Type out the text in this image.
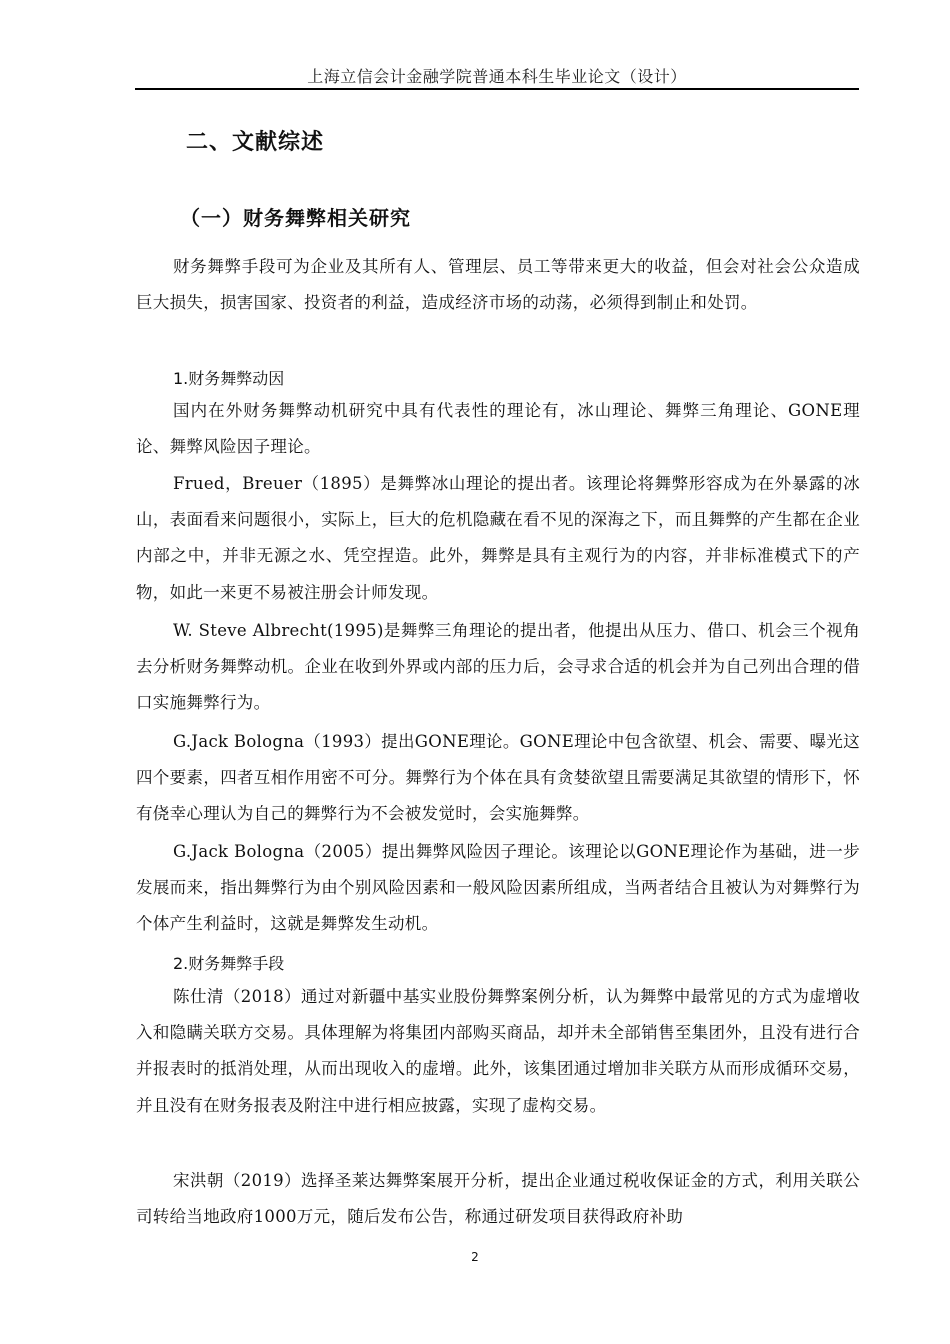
上海立信会计金融学院普通本科生毕业论文（设计）
二、文献综述
（一）财务舞弊相关研究
财务舞弊手段可为企业及其所有人、管理层、员工等带来更大的收益，但会对社会公众造成巨大损失，损害国家、投资者的利益，造成经济市场的动荡，必须得到制止和处罚。
1.财务舞弊动因
国内在外财务舞弊动机研究中具有代表性的理论有，冰山理论、舞弊三角理论、GONE理论、舞弊风险因子理论。
Frued，Breuer（1895）是舞弊冰山理论的提出者。该理论将舞弊形容成为在外暴露的冰山，表面看来问题很小，实际上，巨大的危机隐藏在看不见的深海之下，而且舞弊的产生都在企业内部之中，并非无源之水、凭空捏造。此外，舞弊是具有主观行为的内容，并非标准模式下的产物，如此一来更不易被注册会计师发现。
W. Steve Albrecht(1995)是舞弊三角理论的提出者，他提出从压力、借口、机会三个视角去分析财务舞弊动机。企业在收到外界或内部的压力后，会寻求合适的机会并为自己列出合理的借口实施舞弊行为。
G.Jack Bologna（1993）提出GONE理论。GONE理论中包含欲望、机会、需要、曝光这四个要素，四者互相作用密不可分。舞弊行为个体在具有贪婪欲望且需要满足其欲望的情形下，怀有侥幸心理认为自己的舞弊行为不会被发觉时，会实施舞弊。
G.Jack Bologna（2005）提出舞弊风险因子理论。该理论以GONE理论作为基础，进一步发展而来，指出舞弊行为由个别风险因素和一般风险因素所组成，当两者结合且被认为对舞弊行为个体产生利益时，这就是舞弊发生动机。
2.财务舞弊手段
陈仕清（2018）通过对新疆中基实业股份舞弊案例分析，认为舞弊中最常见的方式为虚增收入和隐瞒关联方交易。具体理解为将集团内部购买商品，却并未全部销售至集团外，且没有进行合并报表时的抵消处理，从而出现收入的虚增。此外，该集团通过增加非关联方从而形成循环交易，并且没有在财务报表及附注中进行相应披露，实现了虚构交易。
宋洪朝（2019）选择圣莱达舞弊案展开分析，提出企业通过税收保证金的方式，利用关联公司转给当地政府1000万元，随后发布公告，称通过研发项目获得政府补助
2
